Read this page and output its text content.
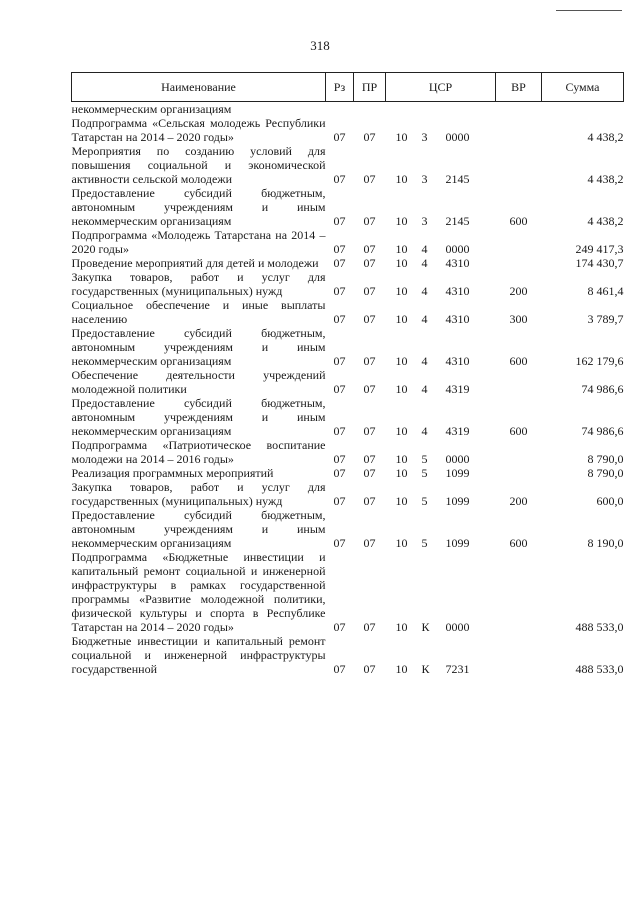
318
Наименование	Рз	ПР	ЦСР	ВР	Сумма
некоммерческим организациям					
Подпрограмма «Сельская молодежь Республики Татарстан на 2014 – 2020 годы»	07	07	10 3 0000		4 438,2
Мероприятия по созданию условий для повышения социальной и экономической активности сельской молодежи	07	07	10 3 2145		4 438,2
Предоставление субсидий бюджетным, автономным учреждениям и иным некоммерческим организациям	07	07	10 3 2145	600	4 438,2
Подпрограмма «Молодежь Татарстана на 2014 – 2020 годы»	07	07	10 4 0000		249 417,3
Проведение мероприятий для детей и молодежи	07	07	10 4 4310		174 430,7
Закупка товаров, работ и услуг для государственных (муниципальных) нужд	07	07	10 4 4310	200	8 461,4
Социальное обеспечение и иные выплаты населению	07	07	10 4 4310	300	3 789,7
Предоставление субсидий бюджетным, автономным учреждениям и иным некоммерческим организациям	07	07	10 4 4310	600	162 179,6
Обеспечение деятельности учреждений молодежной политики	07	07	10 4 4319		74 986,6
Предоставление субсидий бюджетным, автономным учреждениям и иным некоммерческим организациям	07	07	10 4 4319	600	74 986,6
Подпрограмма «Патриотическое воспитание молодежи на 2014 – 2016 годы»	07	07	10 5 0000		8 790,0
Реализация программных мероприятий	07	07	10 5 1099		8 790,0
Закупка товаров, работ и услуг для государственных (муниципальных) нужд	07	07	10 5 1099	200	600,0
Предоставление субсидий бюджетным, автономным учреждениям и иным некоммерческим организациям	07	07	10 5 1099	600	8 190,0
Подпрограмма «Бюджетные инвестиции и капитальный ремонт социальной и инженерной инфраструктуры в рамках государственной программы «Развитие молодежной политики, физической культуры и спорта в Республике Татарстан на 2014 – 2020 годы»	07	07	10 К 0000		488 533,0
Бюджетные инвестиции и капитальный ремонт социальной и инженерной инфраструктуры государственной	07	07	10 К 7231		488 533,0
